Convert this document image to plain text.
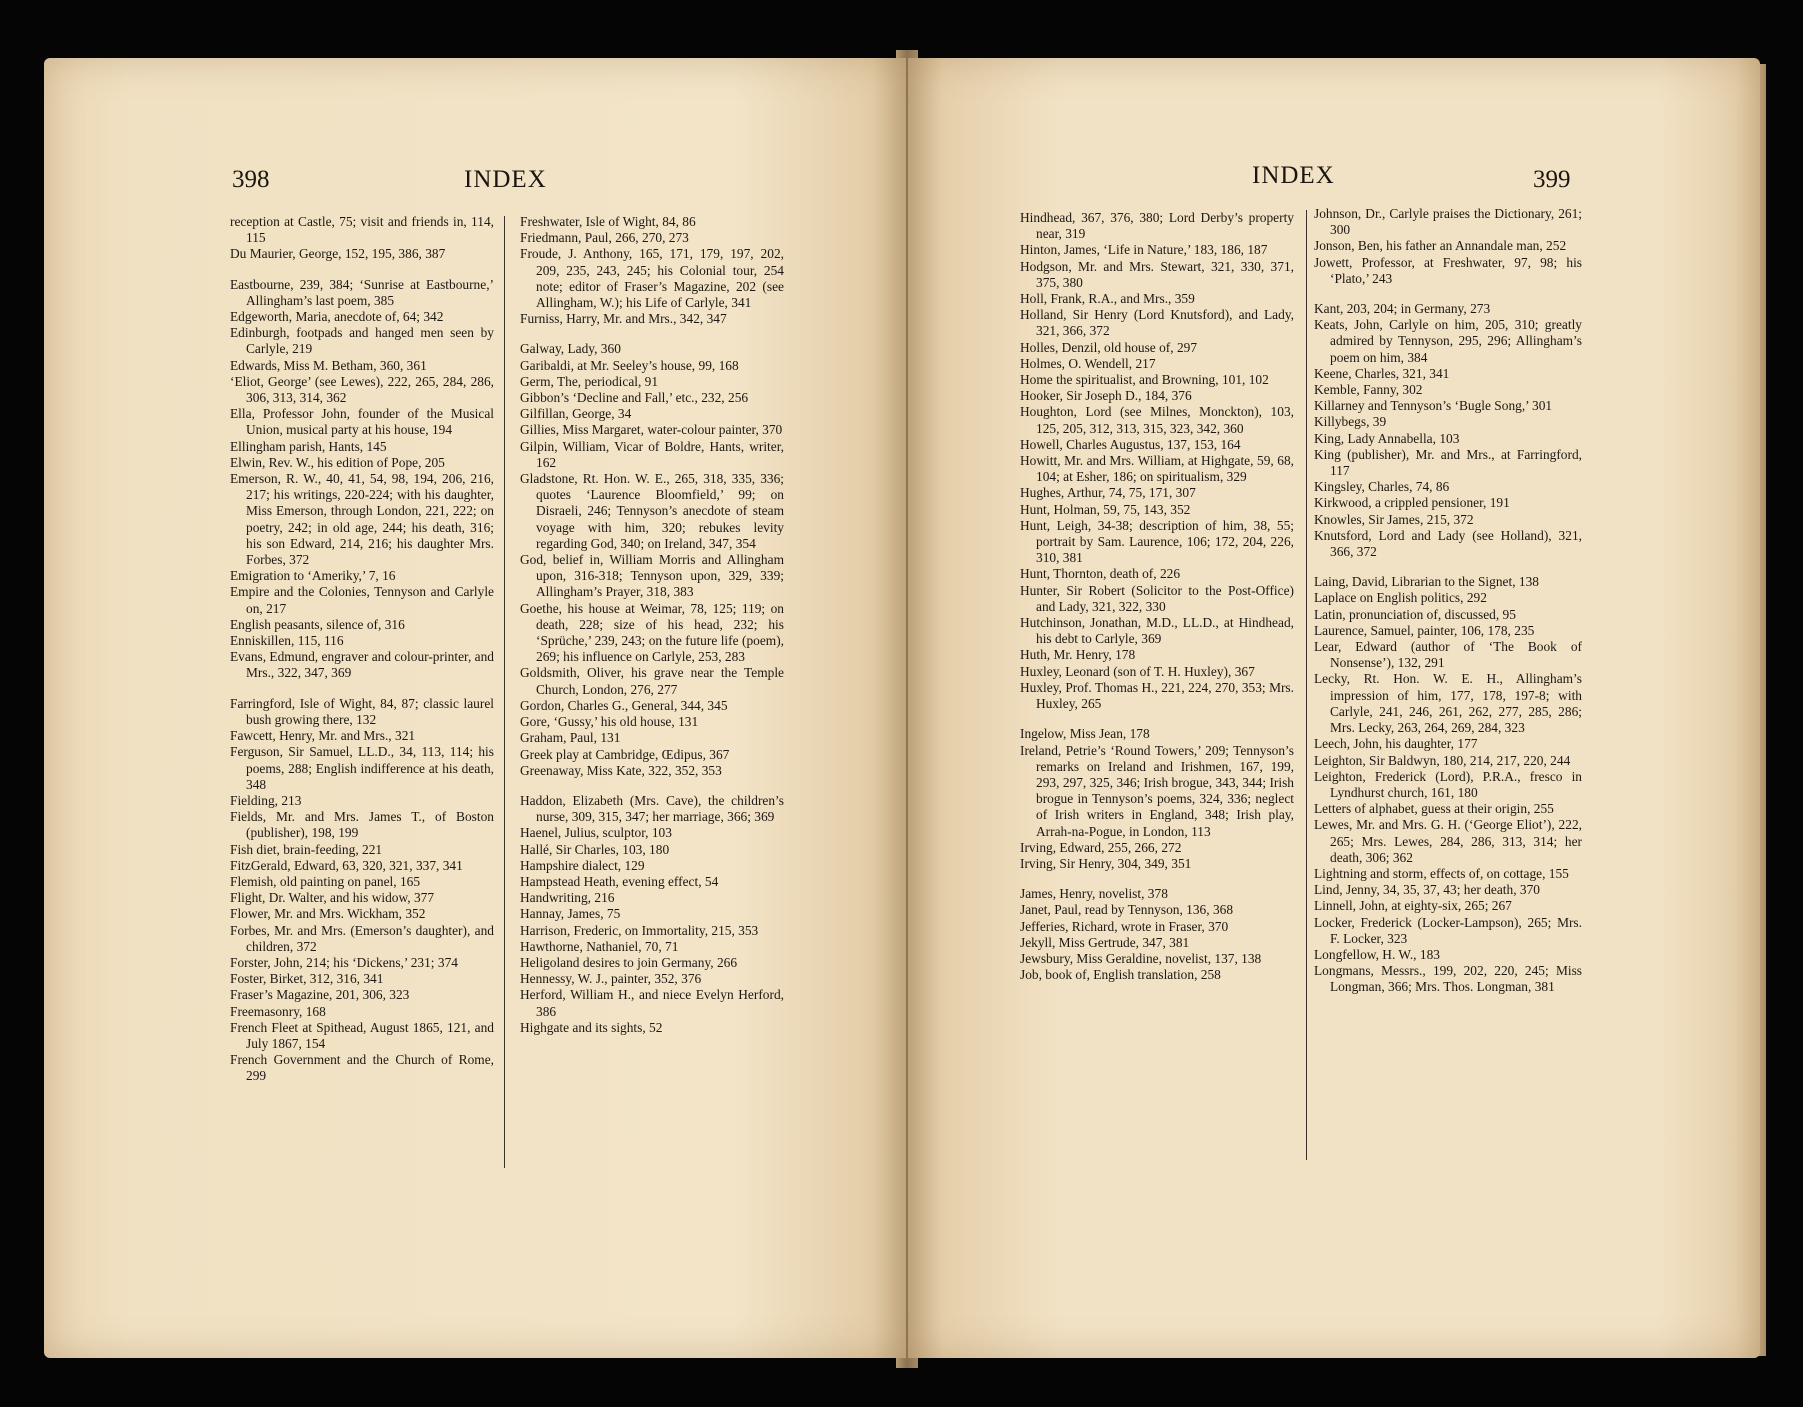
398	INDEX	INDEX	399

reception at Castle, 75; visit and friends in, 114, 115

Du Maurier, George, 152, 195, 386, 387

Eastbourne, 239, 384; ‘Sunrise at Eastbourne,’ Allingham’s last poem, 385

Edgeworth, Maria, anecdote of, 64; 342

Edinburgh, footpads and hanged men seen by Carlyle, 219

Edwards, Miss M. Betham, 360, 361

‘Eliot, George’ (see Lewes), 222, 265, 284, 286, 306, 313, 314, 362

Ella, Professor John, founder of the Musical Union, musical party at his house, 194

Ellingham parish, Hants, 145

Elwin, Rev. W., his edition of Pope, 205

Emerson, R. W., 40, 41, 54, 98, 194, 206, 216, 217; his writings, 220-224; with his daughter, Miss Emerson, through London, 221, 222; on poetry, 242; in old age, 244; his death, 316; his son Edward, 214, 216; his daughter Mrs. Forbes, 372

Emigration to ‘Ameriky,’ 7, 16

Empire and the Colonies, Tennyson and Carlyle on, 217

English peasants, silence of, 316

Enniskillen, 115, 116

Evans, Edmund, engraver and colour-printer, and Mrs., 322, 347, 369

Farringford, Isle of Wight, 84, 87; classic laurel bush growing there, 132

Fawcett, Henry, Mr. and Mrs., 321

Ferguson, Sir Samuel, LL.D., 34, 113, 114; his poems, 288; English indifference at his death, 348

Fielding, 213

Fields, Mr. and Mrs. James T., of Boston (publisher), 198, 199

Fish diet, brain-feeding, 221

FitzGerald, Edward, 63, 320, 321, 337, 341

Flemish, old painting on panel, 165

Flight, Dr. Walter, and his widow, 377

Flower, Mr. and Mrs. Wickham, 352

Forbes, Mr. and Mrs. (Emerson’s daughter), and children, 372

Forster, John, 214; his ‘Dickens,’ 231; 374

Foster, Birket, 312, 316, 341

Fraser’s Magazine, 201, 306, 323

Freemasonry, 168

French Fleet at Spithead, August 1865, 121, and July 1867, 154

French Government and the Church of Rome, 299

Freshwater, Isle of Wight, 84, 86

Friedmann, Paul, 266, 270, 273

Froude, J. Anthony, 165, 171, 179, 197, 202, 209, 235, 243, 245; his Colonial tour, 254 note; editor of Fraser’s Magazine, 202 (see Allingham, W.); his Life of Carlyle, 341

Furniss, Harry, Mr. and Mrs., 342, 347

Galway, Lady, 360

Garibaldi, at Mr. Seeley’s house, 99, 168

Germ, The, periodical, 91

Gibbon’s ‘Decline and Fall,’ etc., 232, 256

Gilfillan, George, 34

Gillies, Miss Margaret, water-colour painter, 370

Gilpin, William, Vicar of Boldre, Hants, writer, 162

Gladstone, Rt. Hon. W. E., 265, 318, 335, 336; quotes ‘Laurence Bloomfield,’ 99; on Disraeli, 246; Tennyson’s anecdote of steam voyage with him, 320; rebukes levity regarding God, 340; on Ireland, 347, 354

God, belief in, William Morris and Allingham upon, 316-318; Tennyson upon, 329, 339; Allingham’s Prayer, 318, 383

Goethe, his house at Weimar, 78, 125; 119; on death, 228; size of his head, 232; his ‘Sprüche,’ 239, 243; on the future life (poem), 269; his influence on Carlyle, 253, 283

Goldsmith, Oliver, his grave near the Temple Church, London, 276, 277

Gordon, Charles G., General, 344, 345

Gore, ‘Gussy,’ his old house, 131

Graham, Paul, 131

Greek play at Cambridge, Œdipus, 367

Greenaway, Miss Kate, 322, 352, 353

Haddon, Elizabeth (Mrs. Cave), the children’s nurse, 309, 315, 347; her marriage, 366; 369

Haenel, Julius, sculptor, 103

Hallé, Sir Charles, 103, 180

Hampshire dialect, 129

Hampstead Heath, evening effect, 54

Handwriting, 216

Hannay, James, 75

Harrison, Frederic, on Immortality, 215, 353

Hawthorne, Nathaniel, 70, 71

Heligoland desires to join Germany, 266

Hennessy, W. J., painter, 352, 376

Herford, William H., and niece Evelyn Herford, 386

Highgate and its sights, 52

Hindhead, 367, 376, 380; Lord Derby’s property near, 319

Hinton, James, ‘Life in Nature,’ 183, 186, 187

Hodgson, Mr. and Mrs. Stewart, 321, 330, 371, 375, 380

Holl, Frank, R.A., and Mrs., 359

Holland, Sir Henry (Lord Knutsford), and Lady, 321, 366, 372

Holles, Denzil, old house of, 297

Holmes, O. Wendell, 217

Home the spiritualist, and Browning, 101, 102

Hooker, Sir Joseph D., 184, 376

Houghton, Lord (see Milnes, Monckton), 103, 125, 205, 312, 313, 315, 323, 342, 360

Howell, Charles Augustus, 137, 153, 164

Howitt, Mr. and Mrs. William, at Highgate, 59, 68, 104; at Esher, 186; on spiritualism, 329

Hughes, Arthur, 74, 75, 171, 307

Hunt, Holman, 59, 75, 143, 352

Hunt, Leigh, 34-38; description of him, 38, 55; portrait by Sam. Laurence, 106; 172, 204, 226, 310, 381

Hunt, Thornton, death of, 226

Hunter, Sir Robert (Solicitor to the Post-Office) and Lady, 321, 322, 330

Hutchinson, Jonathan, M.D., LL.D., at Hindhead, his debt to Carlyle, 369

Huth, Mr. Henry, 178

Huxley, Leonard (son of T. H. Huxley), 367

Huxley, Prof. Thomas H., 221, 224, 270, 353; Mrs. Huxley, 265

Ingelow, Miss Jean, 178

Ireland, Petrie’s ‘Round Towers,’ 209; Tennyson’s remarks on Ireland and Irishmen, 167, 199, 293, 297, 325, 346; Irish brogue, 343, 344; Irish brogue in Tennyson’s poems, 324, 336; neglect of Irish writers in England, 348; Irish play, Arrah-na-Pogue, in London, 113

Irving, Edward, 255, 266, 272

Irving, Sir Henry, 304, 349, 351

James, Henry, novelist, 378

Janet, Paul, read by Tennyson, 136, 368

Jefferies, Richard, wrote in Fraser, 370

Jekyll, Miss Gertrude, 347, 381

Jewsbury, Miss Geraldine, novelist, 137, 138

Job, book of, English translation, 258

Johnson, Dr., Carlyle praises the Dictionary, 261; 300

Jonson, Ben, his father an Annandale man, 252

Jowett, Professor, at Freshwater, 97, 98; his ‘Plato,’ 243

Kant, 203, 204; in Germany, 273

Keats, John, Carlyle on him, 205, 310; greatly admired by Tennyson, 295, 296; Allingham’s poem on him, 384

Keene, Charles, 321, 341

Kemble, Fanny, 302

Killarney and Tennyson’s ‘Bugle Song,’ 301

Killybegs, 39

King, Lady Annabella, 103

King (publisher), Mr. and Mrs., at Farringford, 117

Kingsley, Charles, 74, 86

Kirkwood, a crippled pensioner, 191

Knowles, Sir James, 215, 372

Knutsford, Lord and Lady (see Holland), 321, 366, 372

Laing, David, Librarian to the Signet, 138

Laplace on English politics, 292

Latin, pronunciation of, discussed, 95

Laurence, Samuel, painter, 106, 178, 235

Lear, Edward (author of ‘The Book of Nonsense’), 132, 291

Lecky, Rt. Hon. W. E. H., Allingham’s impression of him, 177, 178, 197-8; with Carlyle, 241, 246, 261, 262, 277, 285, 286; Mrs. Lecky, 263, 264, 269, 284, 323

Leech, John, his daughter, 177

Leighton, Sir Baldwyn, 180, 214, 217, 220, 244

Leighton, Frederick (Lord), P.R.A., fresco in Lyndhurst church, 161, 180

Letters of alphabet, guess at their origin, 255

Lewes, Mr. and Mrs. G. H. (‘George Eliot’), 222, 265; Mrs. Lewes, 284, 286, 313, 314; her death, 306; 362

Lightning and storm, effects of, on cottage, 155

Lind, Jenny, 34, 35, 37, 43; her death, 370

Linnell, John, at eighty-six, 265; 267

Locker, Frederick (Locker-Lampson), 265; Mrs. F. Locker, 323

Longfellow, H. W., 183

Longmans, Messrs., 199, 202, 220, 245; Miss Longman, 366; Mrs. Thos. Longman, 381
